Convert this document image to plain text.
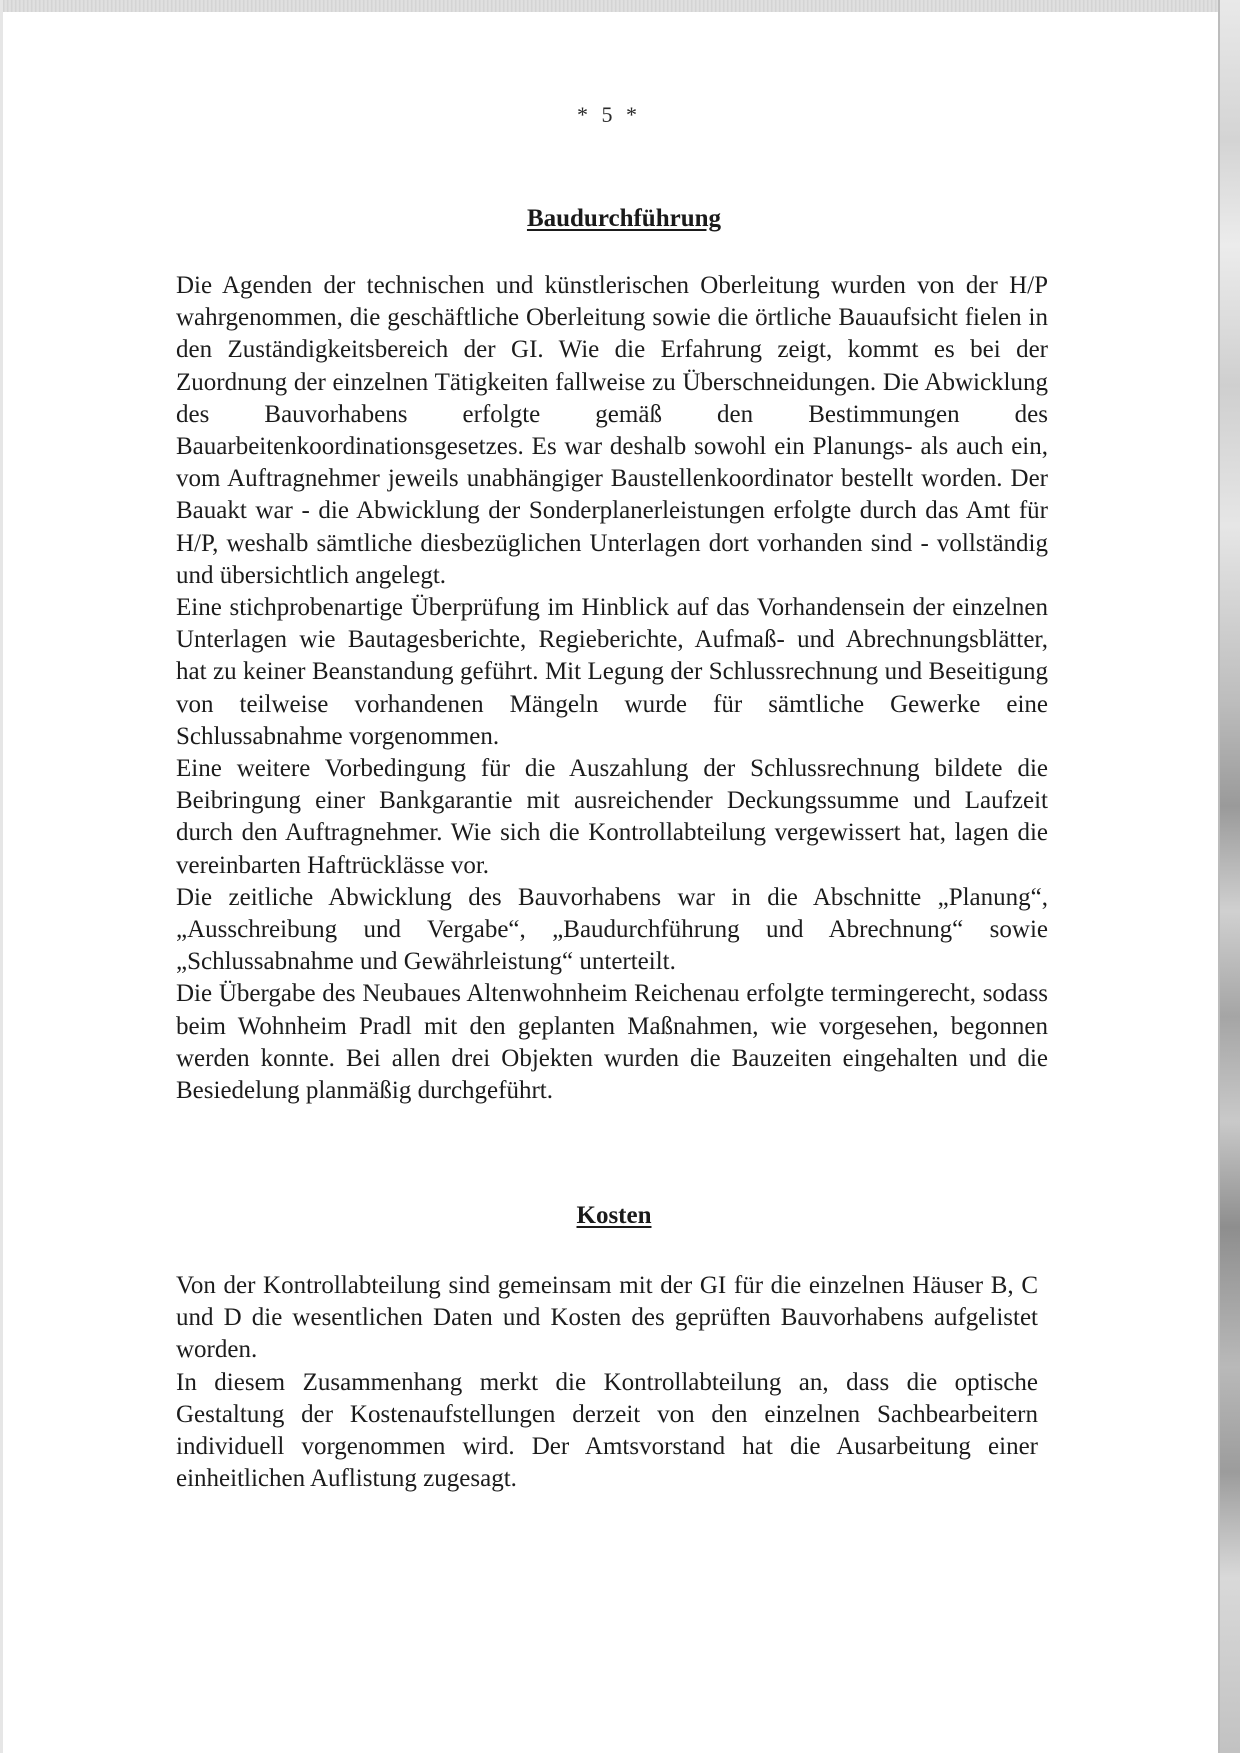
* 5 *
Baudurchführung

Die Agenden der technischen und künstlerischen Oberleitung wurden von der H/P wahrgenommen, die geschäftliche Oberleitung sowie die örtliche Bauaufsicht fielen in den Zuständigkeitsbereich der GI. Wie die Erfahrung zeigt, kommt es bei der Zuordnung der einzelnen Tätigkeiten fallweise zu Überschneidungen. Die Abwicklung des Bauvorhabens erfolgte gemäß den Bestimmungen des Bauarbeitenkoordinationsgesetzes. Es war deshalb sowohl ein Planungs- als auch ein, vom Auftragnehmer jeweils unabhängiger Baustellenkoordinator bestellt worden. Der Bauakt war - die Abwicklung der Sonderplanerleistungen erfolgte durch das Amt für H/P, weshalb sämtliche diesbezüglichen Unterlagen dort vorhanden sind - vollständig und übersichtlich angelegt.

Eine stichprobenartige Überprüfung im Hinblick auf das Vorhandensein der einzelnen Unterlagen wie Bautagesberichte, Regieberichte, Aufmaß- und Abrechnungsblätter, hat zu keiner Beanstandung geführt. Mit Legung der Schlussrechnung und Beseitigung von teilweise vorhandenen Mängeln wurde für sämtliche Gewerke eine Schlussabnahme vorgenommen.

Eine weitere Vorbedingung für die Auszahlung der Schlussrechnung bildete die Beibringung einer Bankgarantie mit ausreichender Deckungssumme und Laufzeit durch den Auftragnehmer. Wie sich die Kontrollabteilung vergewissert hat, lagen die vereinbarten Haftrücklässe vor.

Die zeitliche Abwicklung des Bauvorhabens war in die Abschnitte „Planung“, „Ausschreibung und Vergabe“, „Baudurchführung und Abrechnung“ sowie „Schlussabnahme und Gewährleistung“ unterteilt.

Die Übergabe des Neubaues Altenwohnheim Reichenau erfolgte termingerecht, sodass beim Wohnheim Pradl mit den geplanten Maßnahmen, wie vorgesehen, begonnen werden konnte. Bei allen drei Objekten wurden die Bauzeiten eingehalten und die Besiedelung planmäßig durchgeführt.

Kosten

Von der Kontrollabteilung sind gemeinsam mit der GI für die einzelnen Häuser B, C und D die wesentlichen Daten und Kosten des geprüften Bauvorhabens aufgelistet worden.

In diesem Zusammenhang merkt die Kontrollabteilung an, dass die optische Gestaltung der Kostenaufstellungen derzeit von den einzelnen Sachbearbeitern individuell vorgenommen wird. Der Amtsvorstand hat die Ausarbeitung einer einheitlichen Auflistung zugesagt.
